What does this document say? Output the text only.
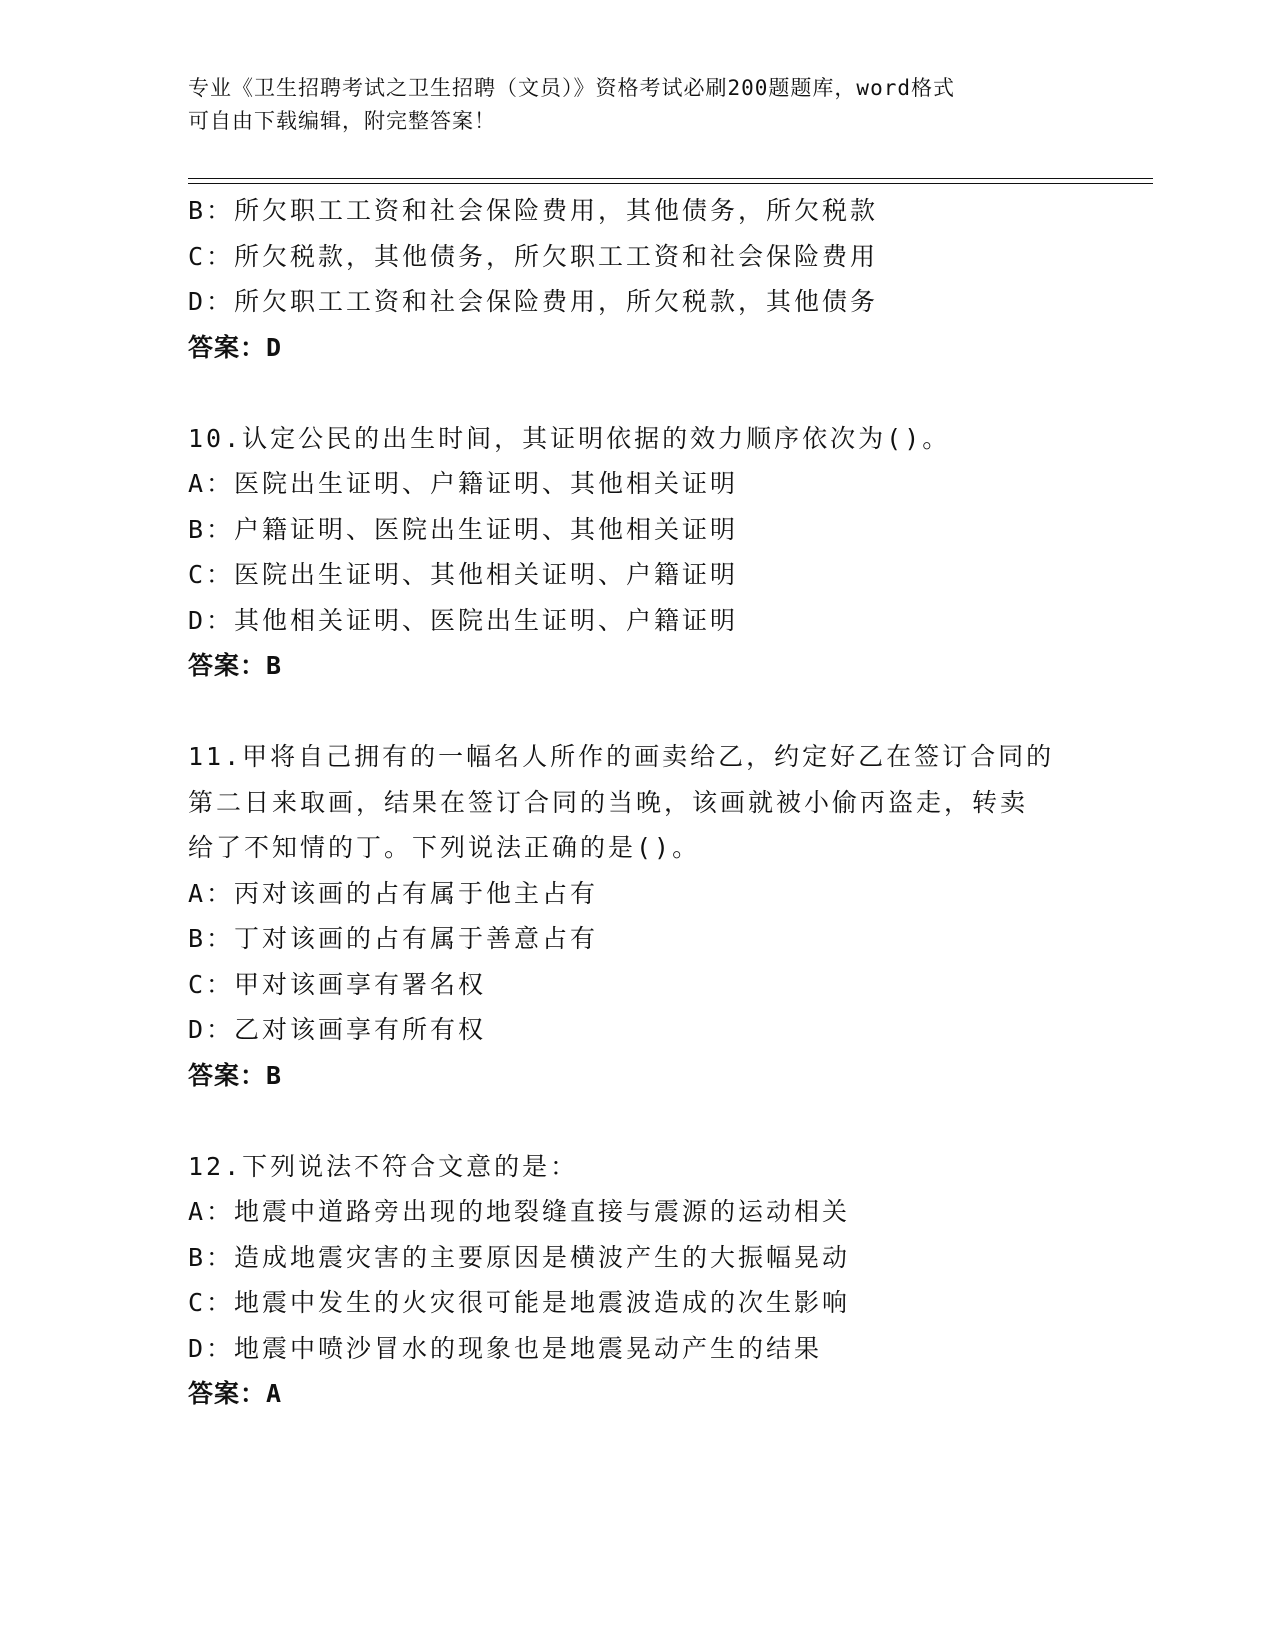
专业《卫生招聘考试之卫生招聘（文员）》资格考试必刷200题题库，word格式
可自由下载编辑，附完整答案！
B：所欠职工工资和社会保险费用，其他债务，所欠税款
C：所欠税款，其他债务，所欠职工工资和社会保险费用
D：所欠职工工资和社会保险费用，所欠税款，其他债务
答案：D
10.认定公民的出生时间，其证明依据的效力顺序依次为()。
A：医院出生证明、户籍证明、其他相关证明
B：户籍证明、医院出生证明、其他相关证明
C：医院出生证明、其他相关证明、户籍证明
D：其他相关证明、医院出生证明、户籍证明
答案：B
11.甲将自己拥有的一幅名人所作的画卖给乙，约定好乙在签订合同的
第二日来取画，结果在签订合同的当晚，该画就被小偷丙盗走，转卖
给了不知情的丁。下列说法正确的是()。
A：丙对该画的占有属于他主占有
B：丁对该画的占有属于善意占有
C：甲对该画享有署名权
D：乙对该画享有所有权
答案：B
12.下列说法不符合文意的是：
A：地震中道路旁出现的地裂缝直接与震源的运动相关
B：造成地震灾害的主要原因是横波产生的大振幅晃动
C：地震中发生的火灾很可能是地震波造成的次生影响
D：地震中喷沙冒水的现象也是地震晃动产生的结果
答案：A
